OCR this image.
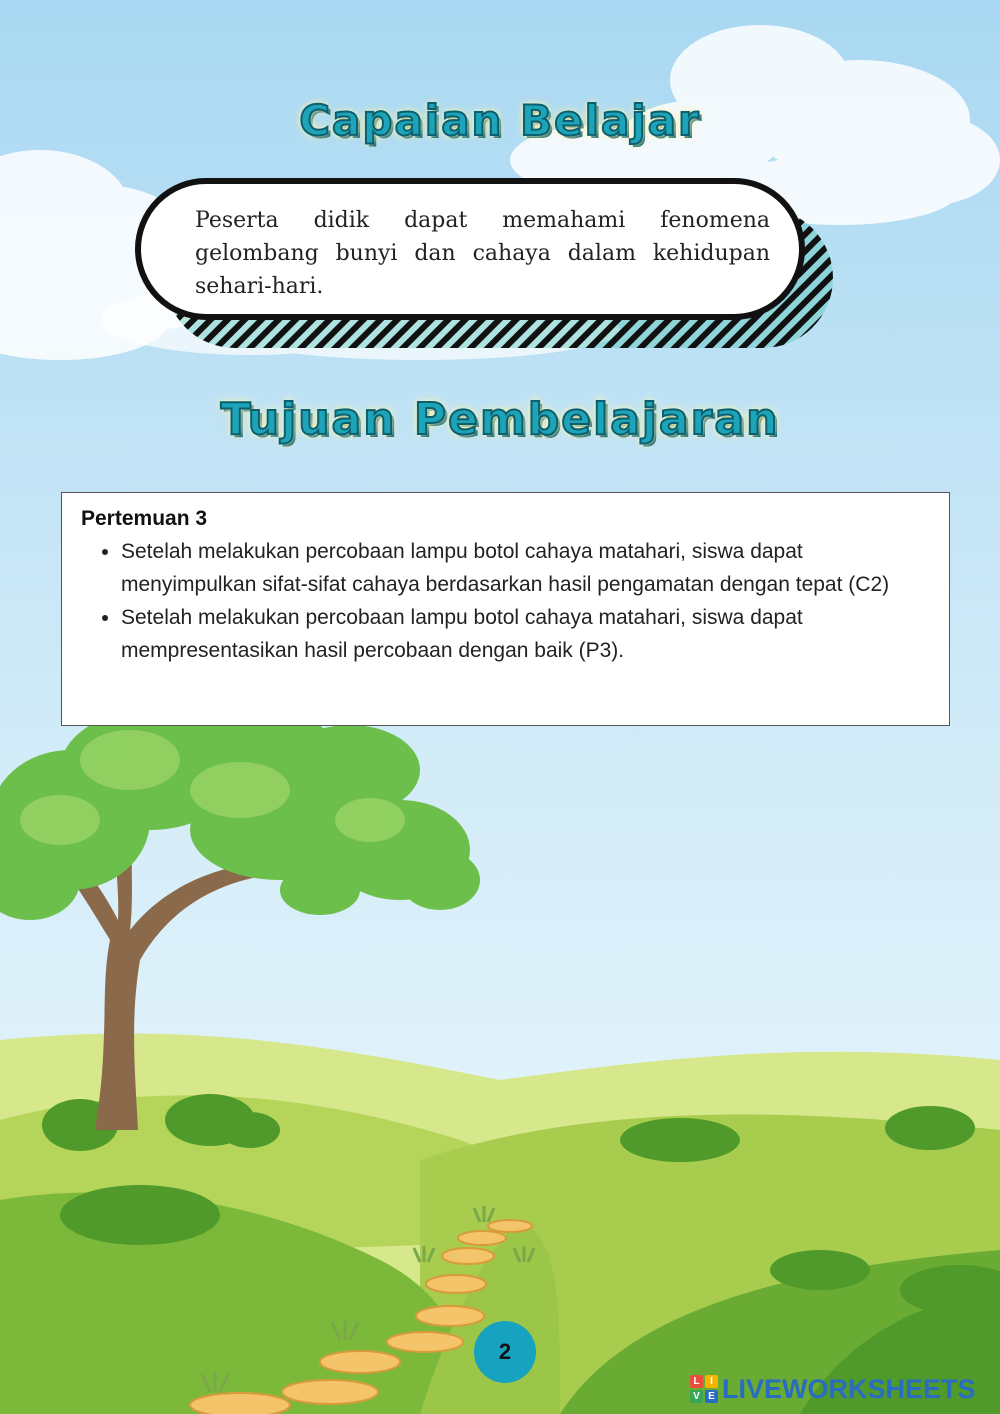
Capaian Belajar

Peserta didik dapat memahami fenomena gelombang bunyi dan cahaya dalam kehidupan sehari-hari.

Tujuan Pembelajaran

Pertemuan 3

• Setelah melakukan percobaan lampu botol cahaya matahari, siswa dapat menyimpulkan sifat-sifat cahaya berdasarkan hasil pengamatan dengan tepat (C2)
• Setelah melakukan percobaan lampu botol cahaya matahari, siswa dapat mempresentasikan hasil percobaan dengan baik (P3).
2
L	I
V E LIVEWORKSHEETS
